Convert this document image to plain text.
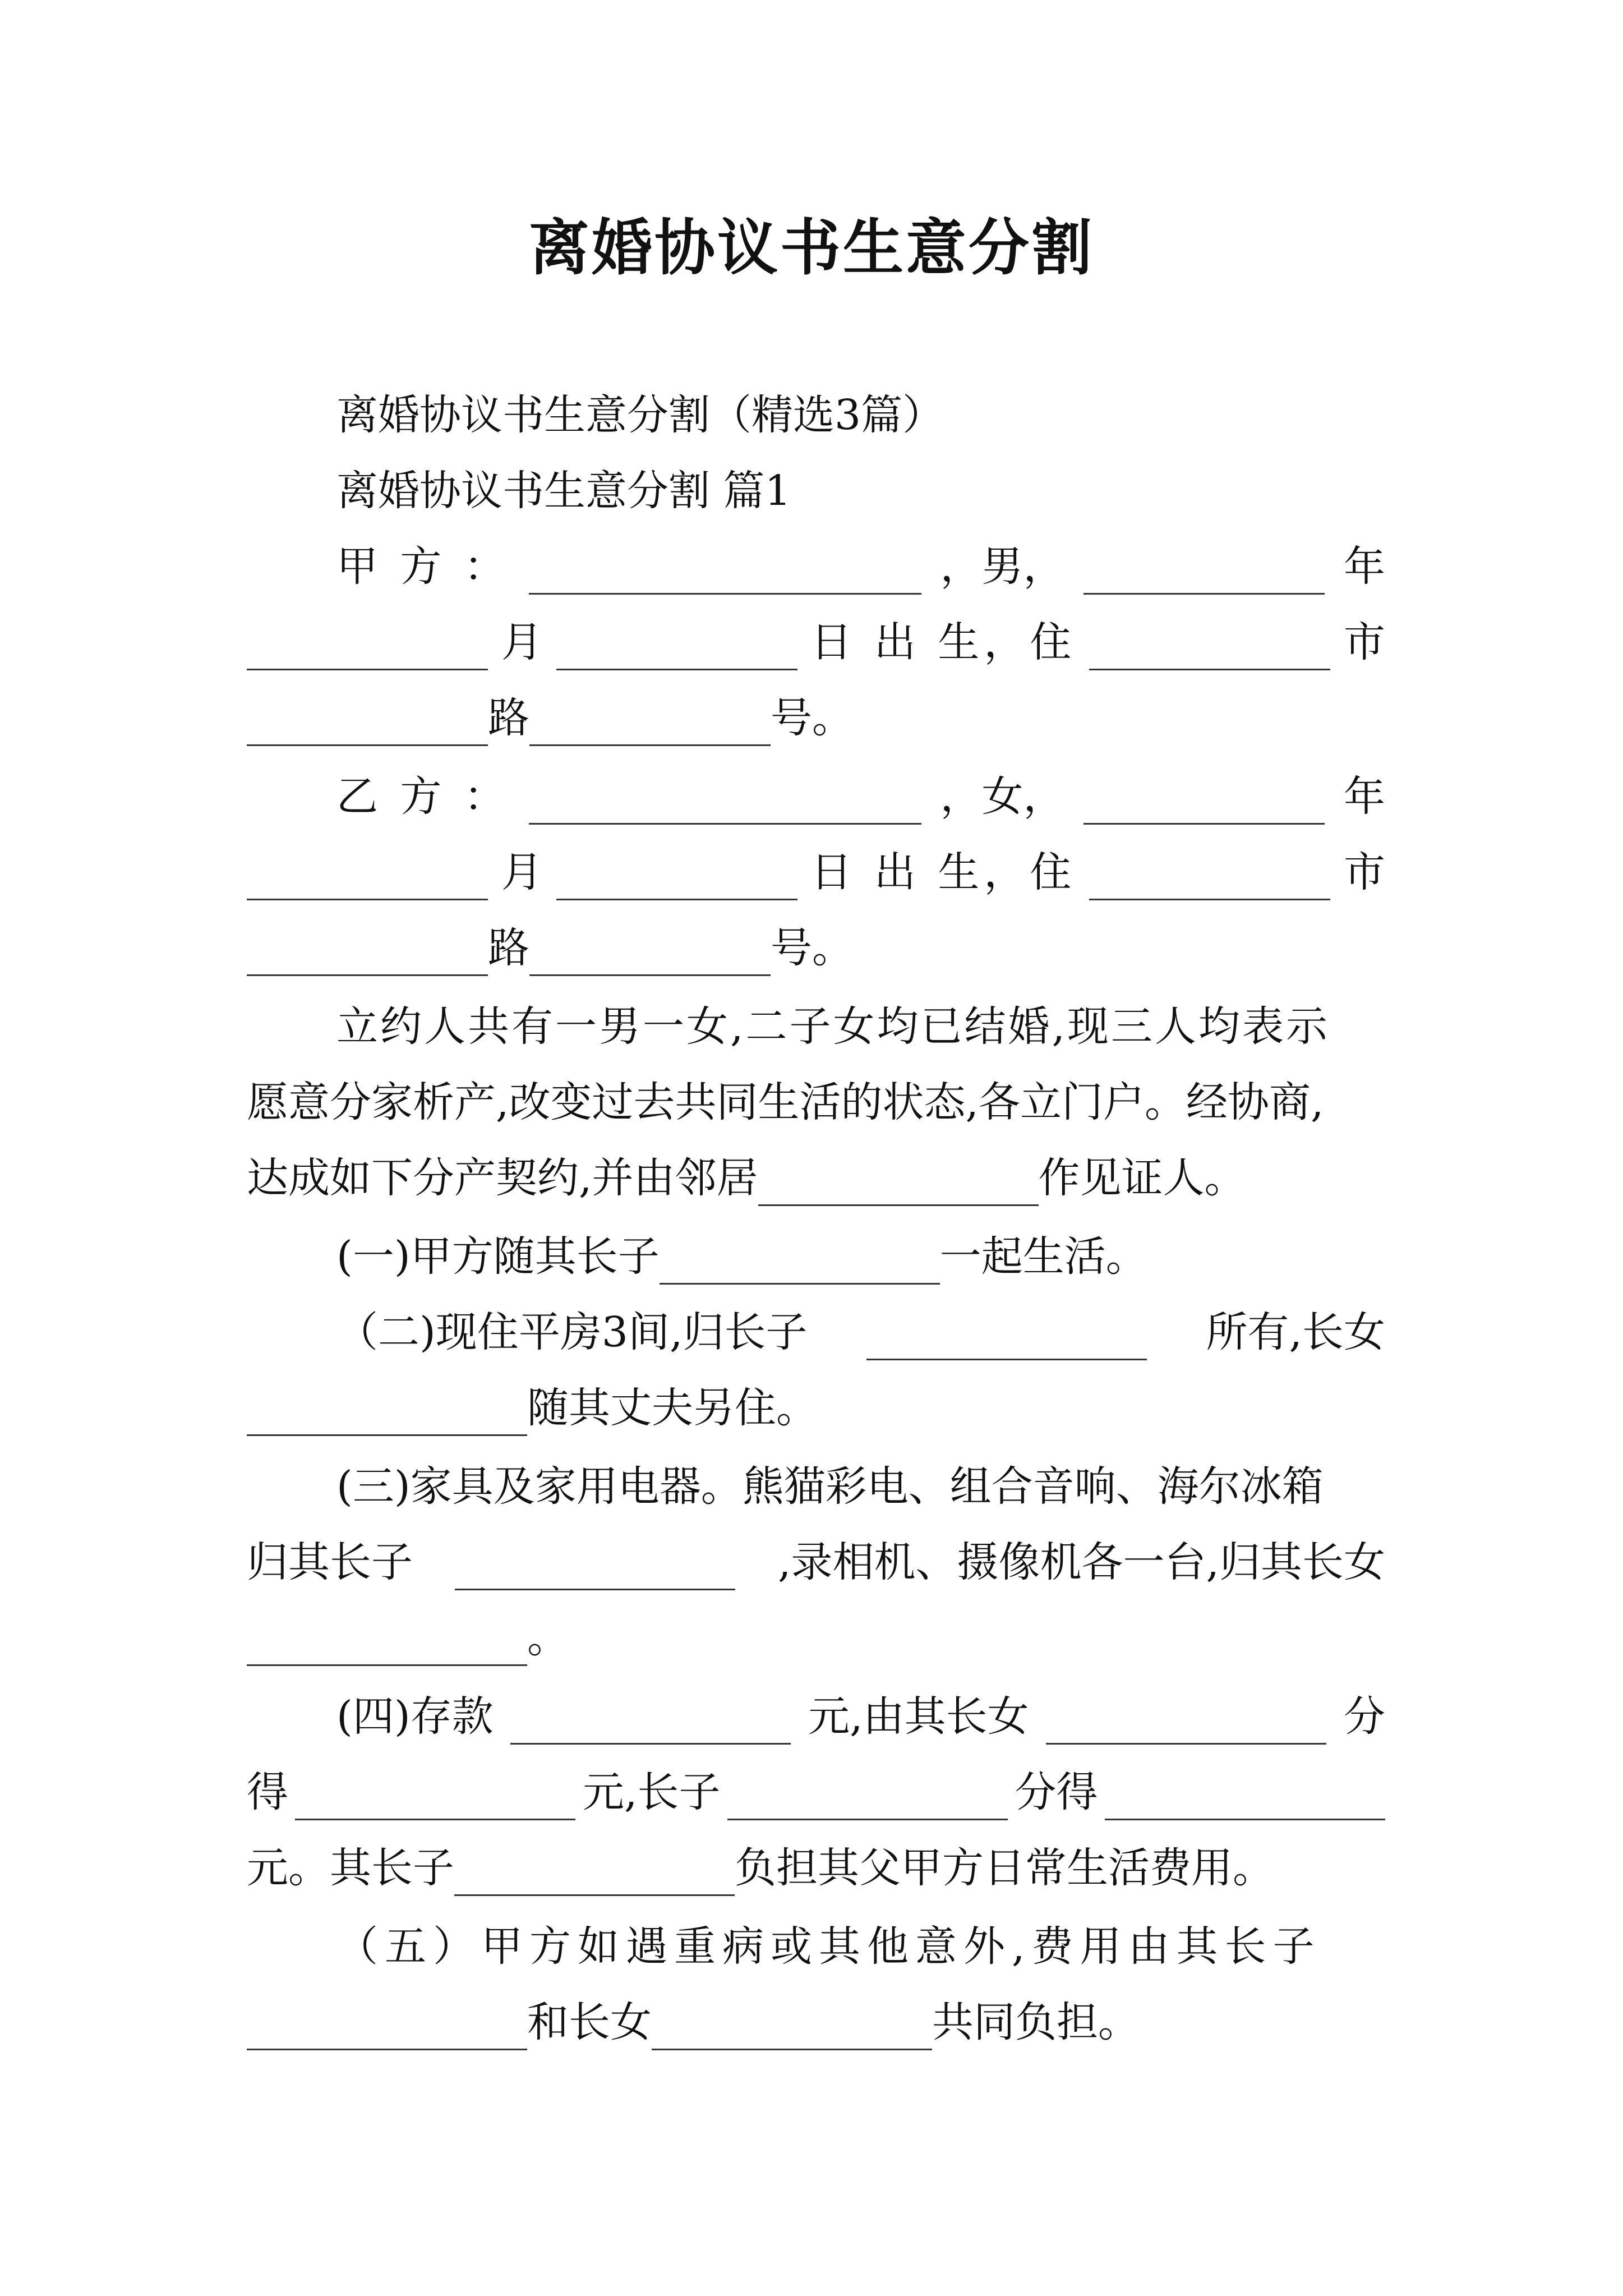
离婚协议书生意分割
离婚协议书生意分割（精选3篇）
离婚协议书生意分割 篇1
甲 方 ：	，男，	年
月	日 出 生，住	市
路	号。
乙 方 ：	，女，	年
月	日 出 生，住	市
路	号。
立约人共有一男一女,二子女均已结婚,现三人均表示
愿意分家析产,改变过去共同生活的状态,各立门户。经协商,
达成如下分产契约,并由邻居	作见证人。
(一)甲方随其长子	一起生活。
（二)现住平房3间,归长子	所有,长女
随其丈夫另住。
(三)家具及家用电器。熊猫彩电、组合音响、海尔冰箱
归其长子	,录相机、摄像机各一台,归其长女
。
(四)存款	元,由其长女	分
得	元,长子	分得
元。其长子	负担其父甲方日常生活费用。
（五）甲方如遇重病或其他意外,费用由其长子
和长女	共同负担。
